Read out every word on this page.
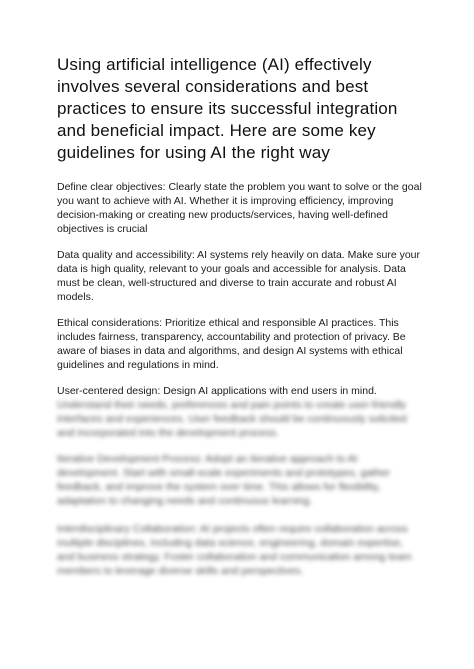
Using artificial intelligence (AI) effectively involves several considerations and best practices to ensure its successful integration and beneficial impact. Here are some key guidelines for using AI the right way

Define clear objectives: Clearly state the problem you want to solve or the goal you want to achieve with AI. Whether it is improving efficiency, improving decision-making or creating new products/services, having well-defined objectives is crucial

Data quality and accessibility: AI systems rely heavily on data. Make sure your data is high quality, relevant to your goals and accessible for analysis. Data must be clean, well-structured and diverse to train accurate and robust AI models.

Ethical considerations: Prioritize ethical and responsible AI practices. This includes fairness, transparency, accountability and protection of privacy. Be aware of biases in data and algorithms, and design AI systems with ethical guidelines and regulations in mind.

User-centered design: Design AI applications with end users in mind.

Understand their needs, preferences and pain points to create user-friendly interfaces and experiences. User feedback should be continuously solicited and incorporated into the development process.

Iterative Development Process: Adopt an iterative approach to AI development. Start with small-scale experiments and prototypes, gather feedback, and improve the system over time. This allows for flexibility, adaptation to changing needs and continuous learning.

Interdisciplinary Collaboration: AI projects often require collaboration across multiple disciplines, including data science, engineering, domain expertise, and business strategy. Foster collaboration and communication among team members to leverage diverse skills and perspectives.
